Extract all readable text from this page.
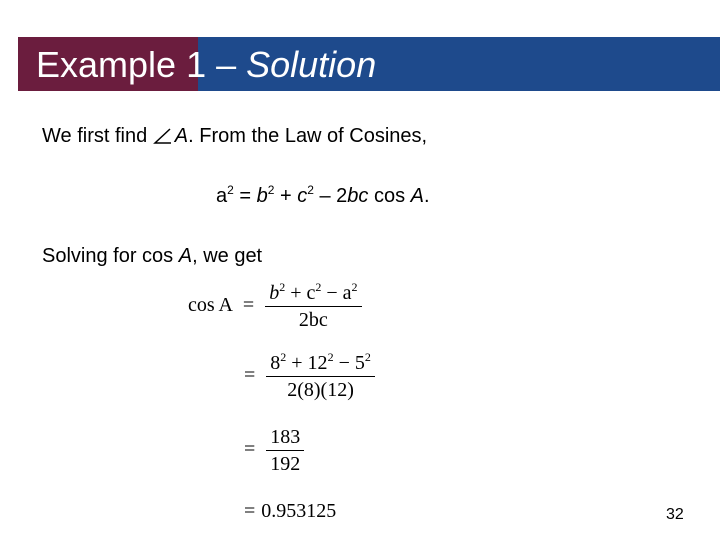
Example 1 – Solution
We first find A. From the Law of Cosines,
$a^2 = b^2 + c^2 - 2bc$ cos A.
Solving for cos A, we get
$\cos A = \frac{b^2 + c^2 - a^2}{2bc}$
= $\frac{8^2 + 12^2 - 5^2}{2(8)(12)}$
= $\frac{183}{192}$
= 0.953125	32
